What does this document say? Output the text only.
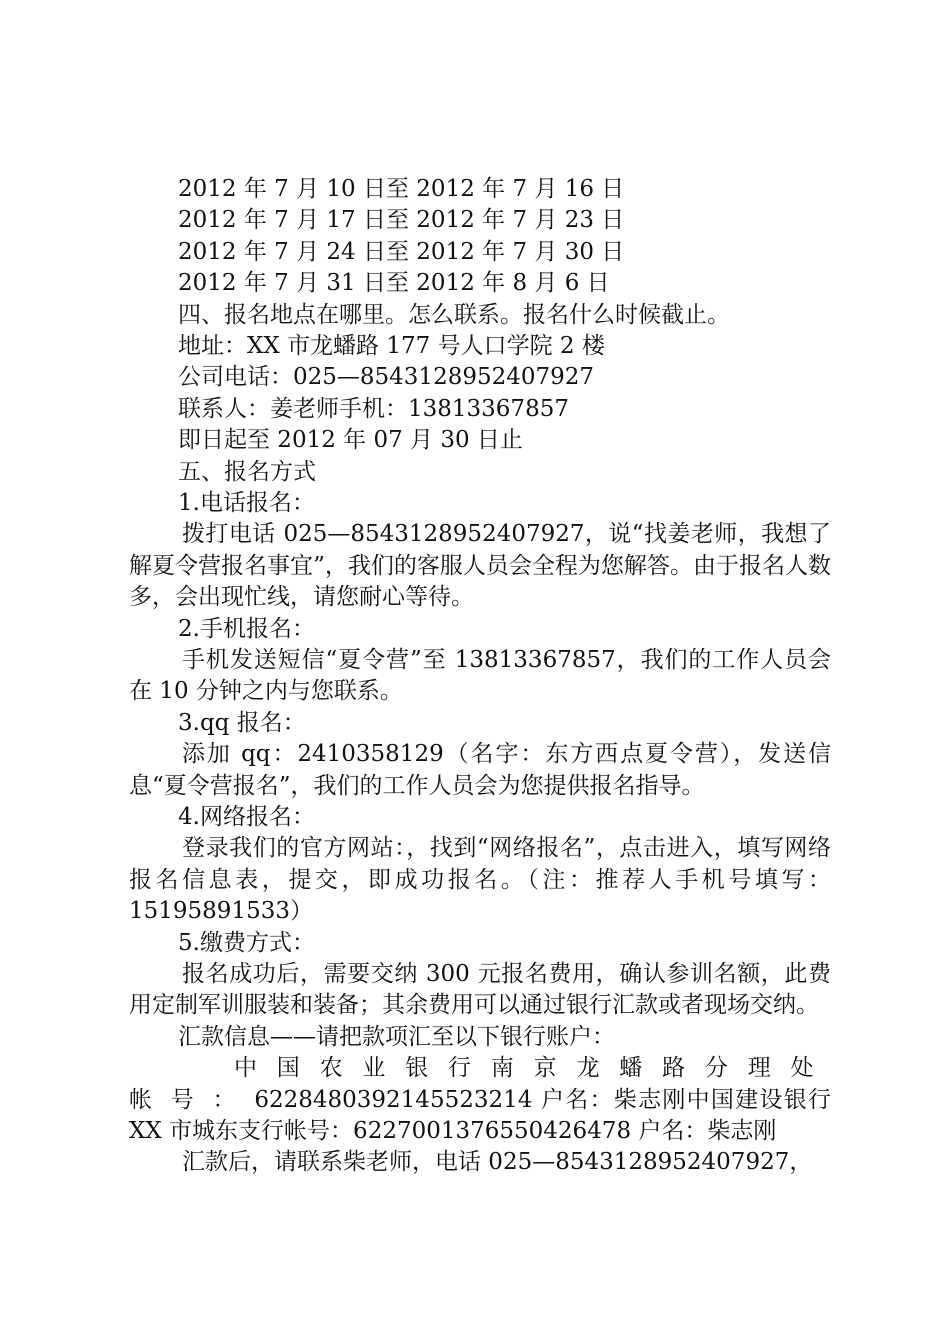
2012 年 7 月 10 日至 2012 年 7 月 16 日
2012 年 7 月 17 日至 2012 年 7 月 23 日
2012 年 7 月 24 日至 2012 年 7 月 30 日
2012 年 7 月 31 日至 2012 年 8 月 6 日
四、报名地点在哪里。怎么联系。报名什么时候截止。
地址：XX 市龙蟠路 177 号人口学院 2 楼
公司电话：025—8543128952407927
联系人：姜老师手机：13813367857
即日起至 2012 年 07 月 30 日止
五、报名方式
1.电话报名：

拨打电话 025—8543128952407927，说“找姜老师，我想了解夏令营报名事宜”，我们的客服人员会全程为您解答。由于报名人数多，会出现忙线，请您耐心等待。

2.手机报名：

手机发送短信“夏令营”至 13813367857，我们的工作人员会在 10 分钟之内与您联系。

3.qq 报名：

添加 qq：2410358129（名字：东方西点夏令营），发送信息“夏令营报名”，我们的工作人员会为您提供报名指导。

4.网络报名：

登录我们的官方网站：，找到“网络报名”，点击进入，填写网络报名信息表，提交，即成功报名。（注：推荐人手机号填写：15195891533）

5.缴费方式：

报名成功后，需要交纳 300 元报名费用，确认参训名额，此费用定制军训服装和装备；其余费用可以通过银行汇款或者现场交纳。

汇款信息——请把款项汇至以下银行账户：

中国农业银行南京龙蟠路分理处帐号：6228480392145523214 户名：柴志刚中国建设银行 XX 市城东支行帐号：6227001376550426478 户名：柴志刚

汇款后，请联系柴老师，电话 025—8543128952407927，
